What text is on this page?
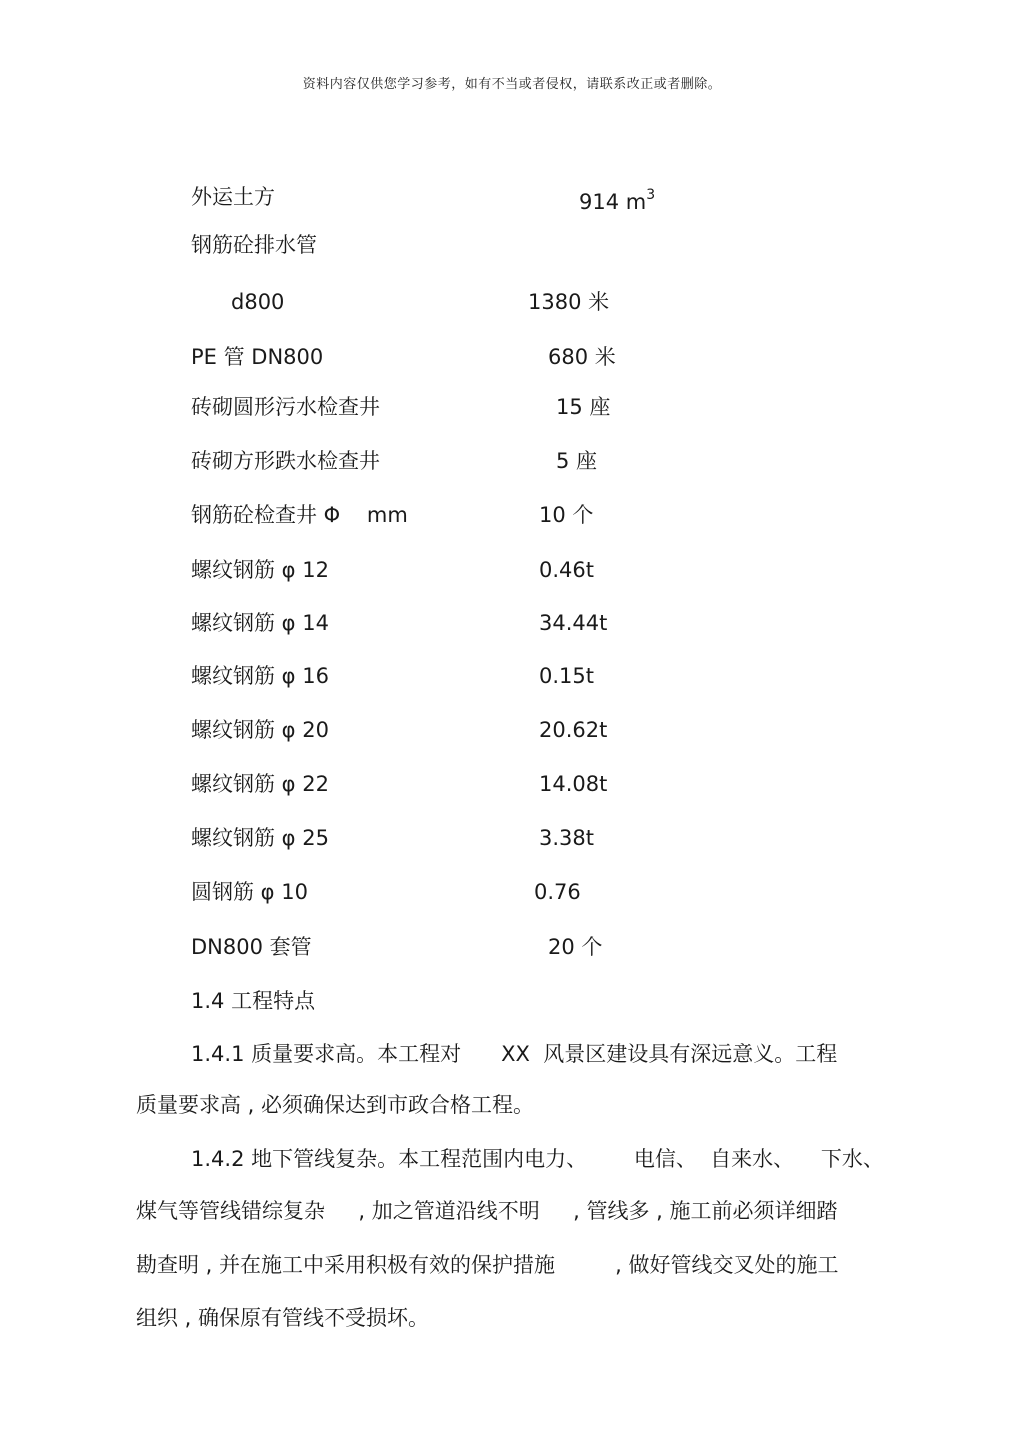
资料内容仅供您学习参考，如有不当或者侵权，请联系改正或者删除。
外运土方	914 $m^3$
钢筋砼排水管
d800	1380 米
PE 管 DN800	680 米
砖砌圆形污水检查井	15 座
砖砌方形跌水检查井	5 座
钢筋砼检查井 Φ    mm	10 个
螺纹钢筋 φ 12	0.46t
螺纹钢筋 φ 14	34.44t
螺纹钢筋 φ 16	0.15t
螺纹钢筋 φ 20	20.62t
螺纹钢筋 φ 22	14.08t
螺纹钢筋 φ 25	3.38t
圆钢筋 φ 10	0.76
DN800 套管	20 个
1.4 工程特点
1.4.1 质量要求高。本工程对      XX  风景区建设具有深远意义。工程
质量要求高 , 必须确保达到市政合格工程。
1.4.2 地下管线复杂。本工程范围内电力、       电信、  自来水、    下水、
煤气等管线错综复杂     , 加之管道沿线不明     , 管线多 , 施工前必须详细踏
勘查明 , 并在施工中采用积极有效的保护措施         , 做好管线交叉处的施工
组织 , 确保原有管线不受损坏。
